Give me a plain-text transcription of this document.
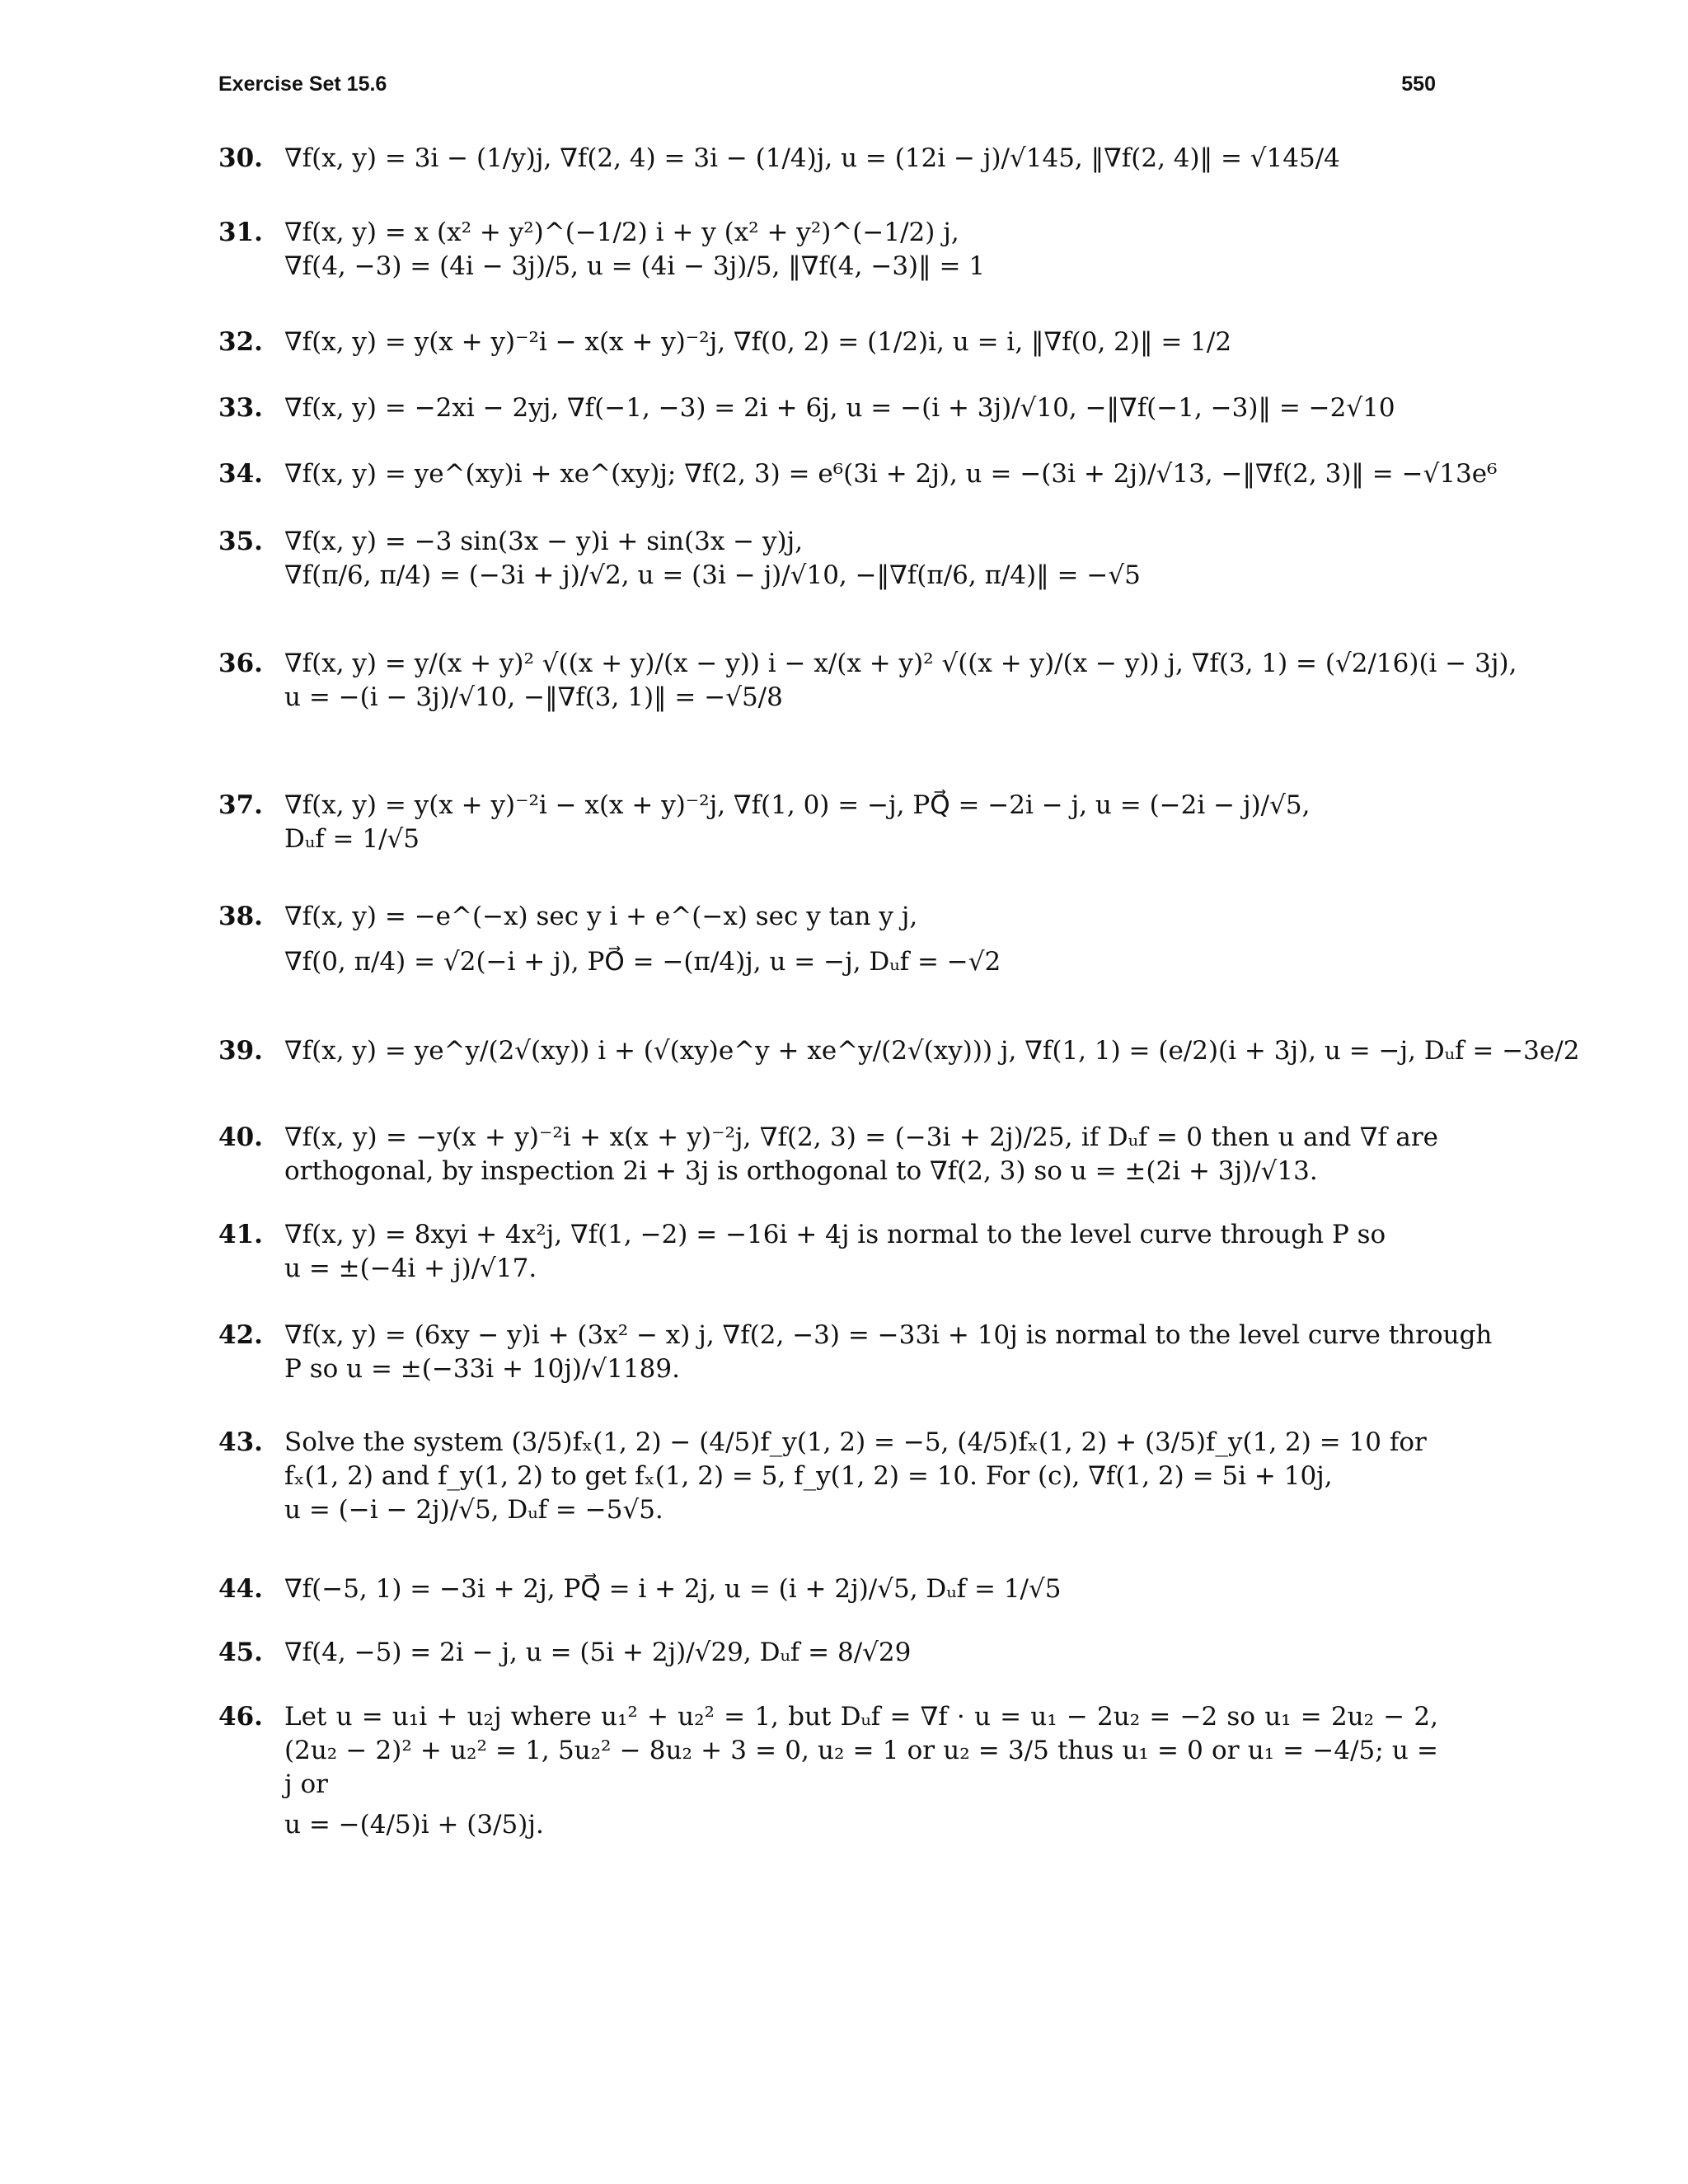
Exercise Set 15.6	550
30. ∇f(x, y) = 3i − (1/y)j, ∇f(2, 4) = 3i − (1/4)j, u = (12i − j)/√145, ‖∇f(2, 4)‖ = √145/4
31. ∇f(x, y) = x (x² + y²)^(−1/2) i + y (x² + y²)^(−1/2) j,
∇f(4, −3) = (4i − 3j)/5, u = (4i − 3j)/5, ‖∇f(4, −3)‖ = 1
32. ∇f(x, y) = y(x + y)⁻²i − x(x + y)⁻²j, ∇f(0, 2) = (1/2)i, u = i, ‖∇f(0, 2)‖ = 1/2
33. ∇f(x, y) = −2xi − 2yj, ∇f(−1, −3) = 2i + 6j, u = −(i + 3j)/√10, −‖∇f(−1, −3)‖ = −2√10
34. ∇f(x, y) = ye^(xy)i + xe^(xy)j; ∇f(2, 3) = e⁶(3i + 2j), u = −(3i + 2j)/√13, −‖∇f(2, 3)‖ = −√13e⁶
35. ∇f(x, y) = −3 sin(3x − y)i + sin(3x − y)j,
∇f(π/6, π/4) = (−3i + j)/√2, u = (3i − j)/√10, −‖∇f(π/6, π/4)‖ = −√5
36. ∇f(x, y) = y/(x + y)² √((x + y)/(x − y)) i − x/(x + y)² √((x + y)/(x − y)) j, ∇f(3, 1) = (√2/16)(i − 3j),
u = −(i − 3j)/√10, −‖∇f(3, 1)‖ = −√5/8
37. ∇f(x, y) = y(x + y)⁻²i − x(x + y)⁻²j, ∇f(1, 0) = −j, PQ⃗ = −2i − j, u = (−2i − j)/√5,
Dᵤf = 1/√5
38. ∇f(x, y) = −e^(−x) sec y i + e^(−x) sec y tan y j,
∇f(0, π/4) = √2(−i + j), PO⃗ = −(π/4)j, u = −j, Dᵤf = −√2
39. ∇f(x, y) = ye^y/(2√(xy)) i + (√(xy)e^y + xe^y/(2√(xy))) j, ∇f(1, 1) = (e/2)(i + 3j), u = −j, Dᵤf = −3e/2
40. ∇f(x, y) = −y(x + y)⁻²i + x(x + y)⁻²j, ∇f(2, 3) = (−3i + 2j)/25, if Dᵤf = 0 then u and ∇f are orthogonal, by inspection 2i + 3j is orthogonal to ∇f(2, 3) so u = ±(2i + 3j)/√13.
41. ∇f(x, y) = 8xyi + 4x²j, ∇f(1, −2) = −16i + 4j is normal to the level curve through P so
u = ±(−4i + j)/√17.
42. ∇f(x, y) = (6xy − y)i + (3x² − x) j, ∇f(2, −3) = −33i + 10j is normal to the level curve through
P so u = ±(−33i + 10j)/√1189.
43. Solve the system (3/5)fₓ(1, 2) − (4/5)f_y(1, 2) = −5, (4/5)fₓ(1, 2) + (3/5)f_y(1, 2) = 10 for
fₓ(1, 2) and f_y(1, 2) to get fₓ(1, 2) = 5, f_y(1, 2) = 10. For (c), ∇f(1, 2) = 5i + 10j,
u = (−i − 2j)/√5, Dᵤf = −5√5.
44. ∇f(−5, 1) = −3i + 2j, PQ⃗ = i + 2j, u = (i + 2j)/√5, Dᵤf = 1/√5
45. ∇f(4, −5) = 2i − j, u = (5i + 2j)/√29, Dᵤf = 8/√29
46. Let u = u₁i + u₂j where u₁² + u₂² = 1, but Dᵤf = ∇f · u = u₁ − 2u₂ = −2 so u₁ = 2u₂ − 2, (2u₂ − 2)² + u₂² = 1, 5u₂² − 8u₂ + 3 = 0, u₂ = 1 or u₂ = 3/5 thus u₁ = 0 or u₁ = −4/5; u = j or
u = −(4/5)i + (3/5)j.
